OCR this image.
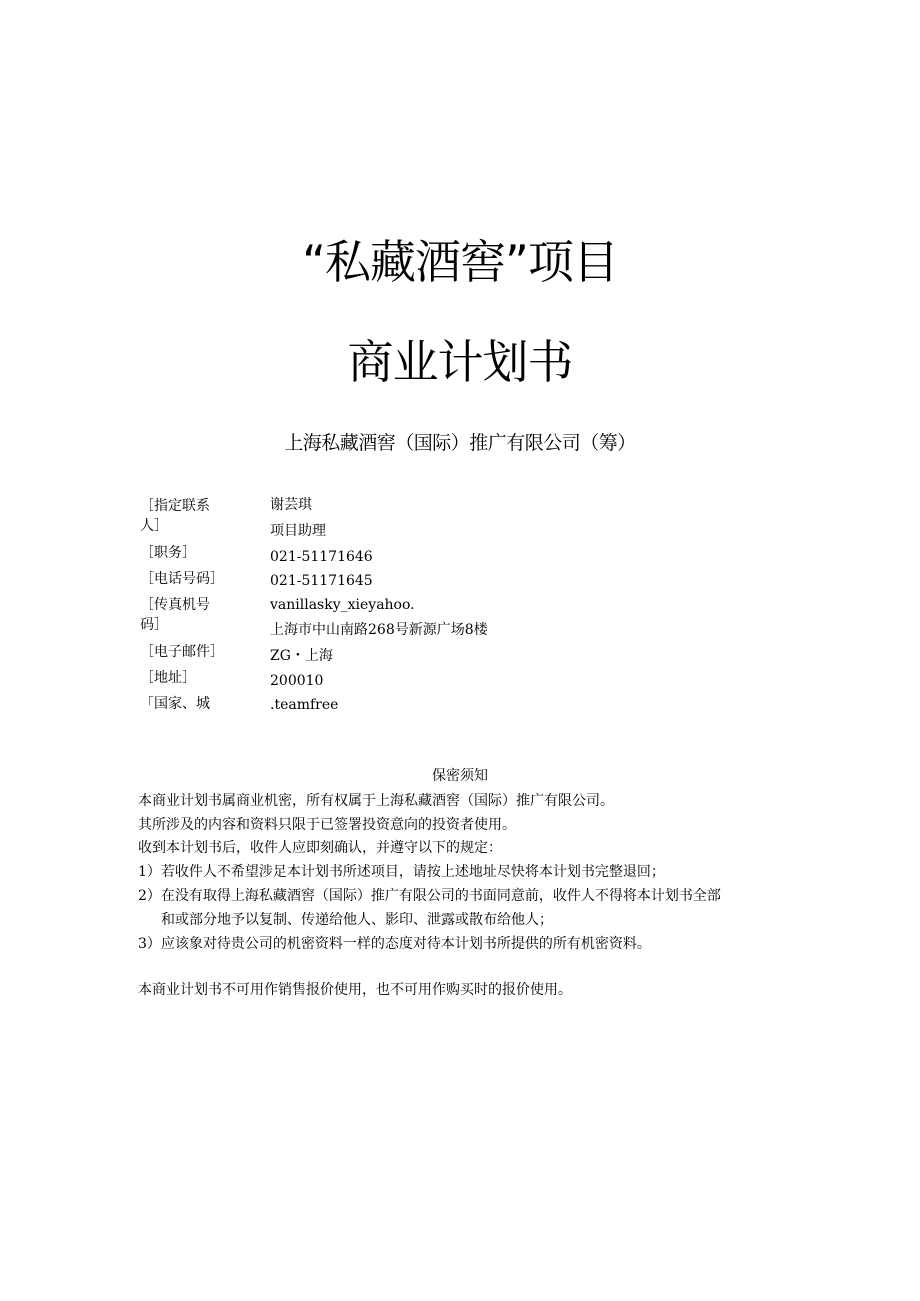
“私藏酒窖”项目
商业计划书
上海私藏酒窖（国际）推广有限公司（筹）
［指定联系
人］
［职务］
［电话号码］
［传真机号
码］
［电子邮件］
［地址］
「国家、城
谢芸琪
项目助理
021-51171646
021-51171645
vanillasky_xieyahoo.
上海市中山南路268号新源广场8楼
ZG・上海
200010
.teamfree
保密须知
本商业计划书属商业机密，所有权属于上海私藏酒窖（国际）推广有限公司。
其所涉及的内容和资料只限于已签署投资意向的投资者使用。
收到本计划书后，收件人应即刻确认，并遵守以下的规定：
1）若收件人不希望涉足本计划书所述项目，请按上述地址尽快将本计划书完整退回；
2）在没有取得上海私藏酒窖（国际）推广有限公司的书面同意前，收件人不得将本计划书全部
和或部分地予以复制、传递给他人、影印、泄露或散布给他人；
3）应该象对待贵公司的机密资料一样的态度对待本计划书所提供的所有机密资料。
本商业计划书不可用作销售报价使用，也不可用作购买时的报价使用。
